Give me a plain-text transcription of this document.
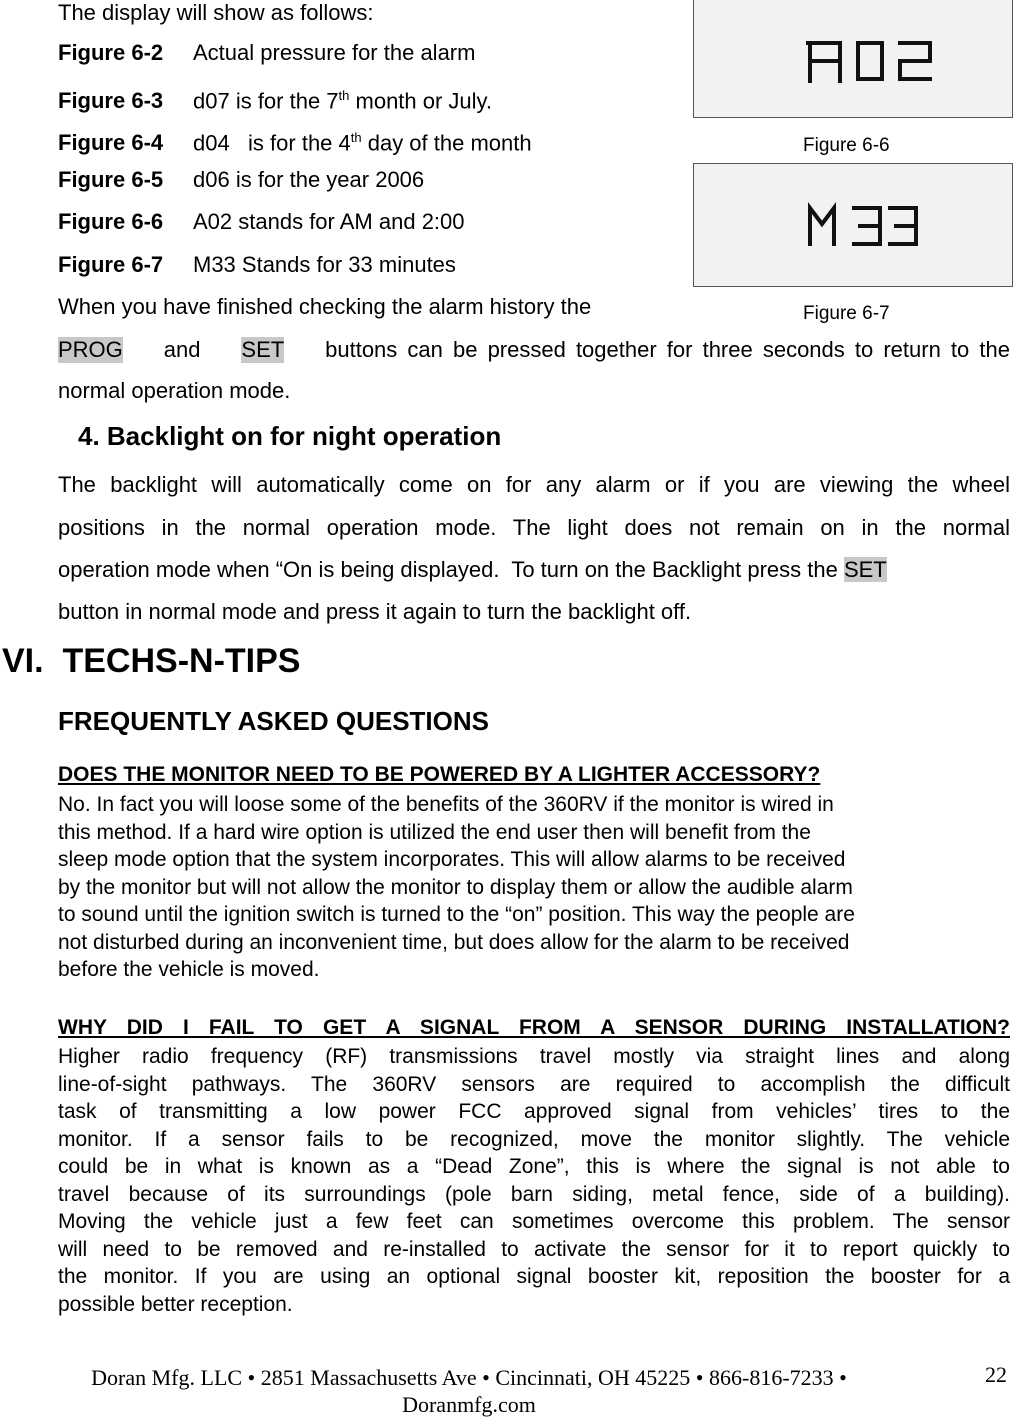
The display will show as follows:
Figure 6-2 Actual pressure for the alarm
Figure 6-3 d07 is for the 7th month or July.
Figure 6-4 d04   is for the 4th day of the month
Figure 6-5 d06 is for the year 2006
Figure 6-6 A02 stands for AM and 2:00
Figure 6-7 M33 Stands for 33 minutes
Figure 6-6
Figure 6-7
When you have finished checking the alarm history the
PROG and SET buttons can be pressed together for three seconds to return to the
normal operation mode.
4. Backlight on for night operation
The backlight will automatically come on for any alarm or if you are viewing the wheel
positions in the normal operation mode. The light does not remain on in the normal
operation mode when “On is being displayed.  To turn on the Backlight press the SET
button in normal mode and press it again to turn the backlight off.
VI.  TECHS-N-TIPS
FREQUENTLY ASKED QUESTIONS
DOES THE MONITOR NEED TO BE POWERED BY A LIGHTER ACCESSORY?
No. In fact you will loose some of the benefits of the 360RV if the monitor is wired in
this method. If a hard wire option is utilized the end user then will benefit from the
sleep mode option that the system incorporates. This will allow alarms to be received
by the monitor but will not allow the monitor to display them or allow the audible alarm
to sound until the ignition switch is turned to the “on” position. This way the people are
not disturbed during an inconvenient time, but does allow for the alarm to be received
before the vehicle is moved.
WHY DID I FAIL TO GET A SIGNAL FROM A SENSOR DURING INSTALLATION?
Higher radio frequency (RF) transmissions travel mostly via straight lines and along
line-of-sight pathways. The 360RV sensors are required to accomplish the difficult
task of transmitting a low power FCC approved signal from vehicles’ tires to the
monitor. If a sensor fails to be recognized, move the monitor slightly. The vehicle
could be in what is known as a “Dead Zone”, this is where the signal is not able to
travel because of its surroundings (pole barn siding, metal fence, side of a building).
Moving the vehicle just a few feet can sometimes overcome this problem. The sensor
will need to be removed and re-installed to activate the sensor for it to report quickly to
the monitor. If you are using an optional signal booster kit, reposition the booster for a
possible better reception.
Doran Mfg. LLC • 2851 Massachusetts Ave • Cincinnati, OH 45225 • 866-816-7233 •
Doranmfg.com
22
